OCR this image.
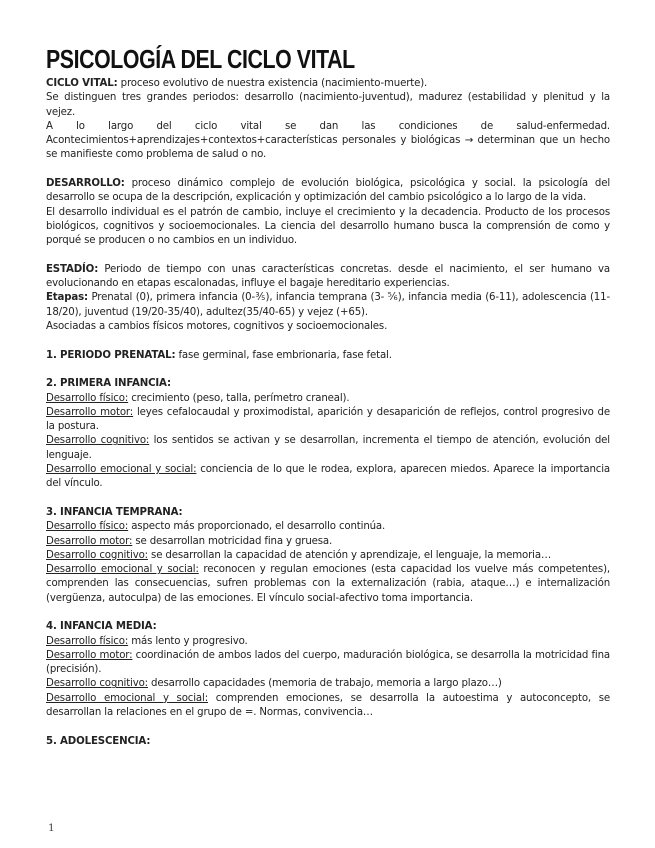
PSICOLOGÍA DEL CICLO VITAL

CICLO VITAL: proceso evolutivo de nuestra existencia (nacimiento-muerte).

Se distinguen tres grandes periodos: desarrollo (nacimiento-juventud), madurez (estabilidad y plenitud y la vejez.

A lo largo del ciclo vital se dan las condiciones de salud-enfermedad. Acontecimientos+aprendizajes+contextos+características personales y biológicas → determinan que un hecho se manifieste como problema de salud o no.

DESARROLLO: proceso dinámico complejo de evolución biológica, psicológica y social. la psicología del desarrollo se ocupa de la descripción, explicación y optimización del cambio psicológico a lo largo de la vida.

El desarrollo individual es el patrón de cambio, incluye el crecimiento y la decadencia. Producto de los procesos biológicos, cognitivos y socioemocionales. La ciencia del desarrollo humano busca la comprensión de como y porqué se producen o no cambios en un individuo.

ESTADÍO: Periodo de tiempo con unas características concretas. desde el nacimiento, el ser humano va evolucionando en etapas escalonadas, influye el bagaje hereditario experiencias.

Etapas: Prenatal (0), primera infancia (0-⅗), infancia temprana (3- ⅚), infancia media (6-11), adolescencia (11-18/20), juventud (19/20-35/40), adultez(35/40-65) y vejez (+65).

Asociadas a cambios físicos motores, cognitivos y socioemocionales.

1. PERIODO PRENATAL: fase germinal, fase embrionaria, fase fetal.

2. PRIMERA INFANCIA:

Desarrollo físico: crecimiento (peso, talla, perímetro craneal).

Desarrollo motor: leyes cefalocaudal y proximodistal, aparición y desaparición de reflejos, control progresivo de la postura.

Desarrollo cognitivo: los sentidos se activan y se desarrollan, incrementa el tiempo de atención, evolución del lenguaje.

Desarrollo emocional y social: conciencia de lo que le rodea, explora, aparecen miedos. Aparece la importancia del vínculo.

3. INFANCIA TEMPRANA:

Desarrollo físico: aspecto más proporcionado, el desarrollo continúa.

Desarrollo motor: se desarrollan motricidad fina y gruesa.

Desarrollo cognitivo: se desarrollan la capacidad de atención y aprendizaje, el lenguaje, la memoria…

Desarrollo emocional y social: reconocen y regulan emociones (esta capacidad los vuelve más competentes), comprenden las consecuencias, sufren problemas con la externalización (rabia, ataque…) e internalización (vergüenza, autoculpa) de las emociones. El vínculo social-afectivo toma importancia.

4. INFANCIA MEDIA:

Desarrollo físico: más lento y progresivo.

Desarrollo motor: coordinación de ambos lados del cuerpo, maduración biológica, se desarrolla la motricidad fina (precisión).

Desarrollo cognitivo: desarrollo capacidades (memoria de trabajo, memoria a largo plazo…)

Desarrollo emocional y social: comprenden emociones, se desarrolla la autoestima y autoconcepto, se desarrollan la relaciones en el grupo de =. Normas, convivencia…

5. ADOLESCENCIA:

1
